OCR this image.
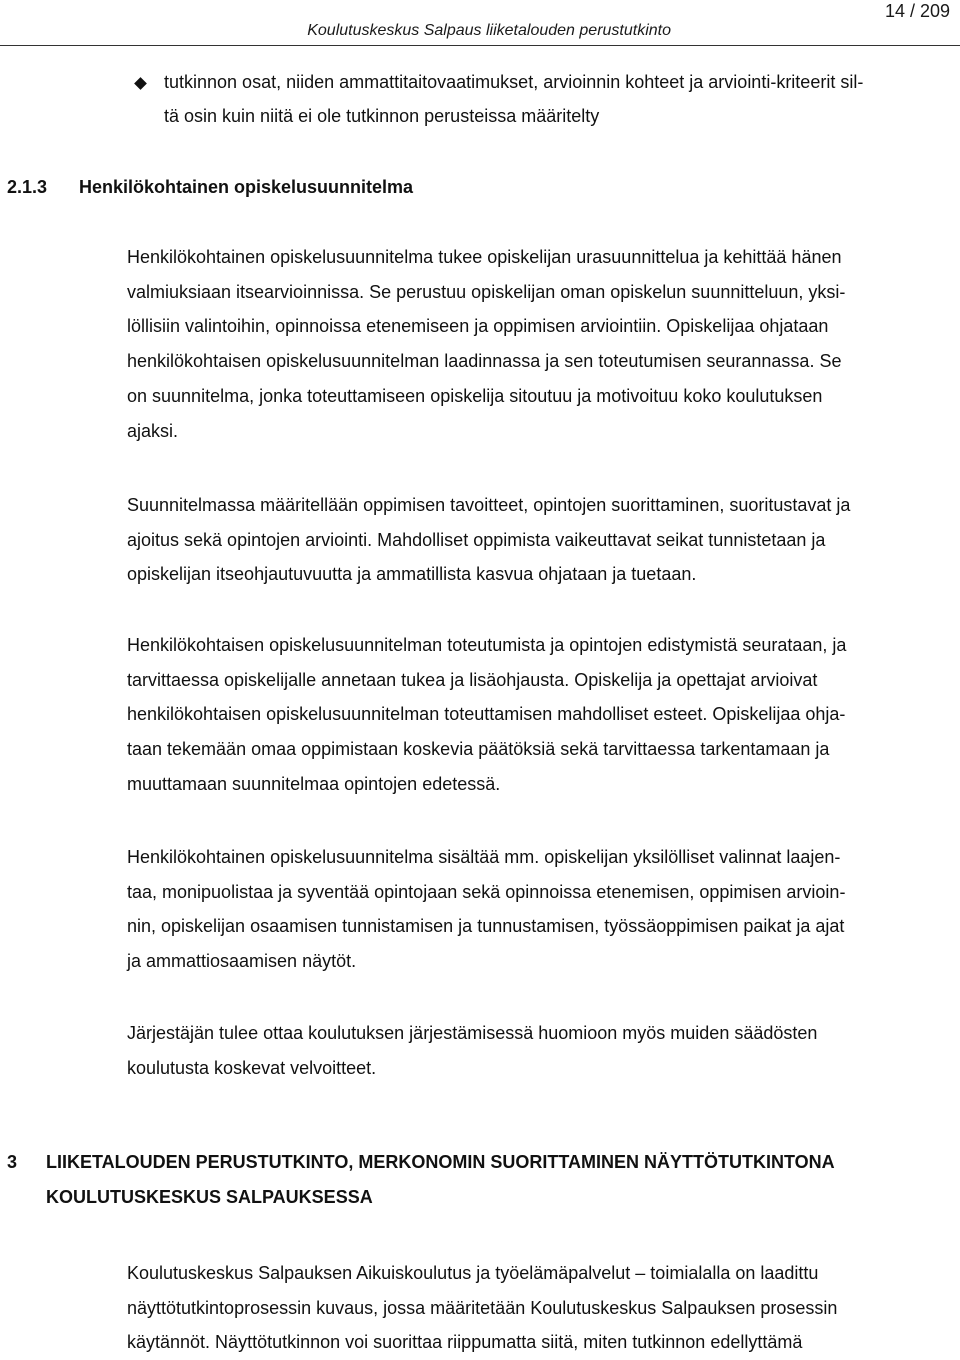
Koulutuskeskus Salpaus liiketalouden perustutkinto
14 / 209
tutkinnon osat, niiden ammattitaitovaatimukset, arvioinnin kohteet ja arviointi-kriteerit sil-
tä osin kuin niitä ei ole tutkinnon perusteissa määritelty
2.1.3 Henkilökohtainen opiskelusuunnitelma
Henkilökohtainen opiskelusuunnitelma tukee opiskelijan urasuunnittelua ja kehittää hänen
valmiuksiaan itsearvioinnissa. Se perustuu opiskelijan oman opiskelun suunnitteluun, yksi-
löllisiin valintoihin, opinnoissa etenemiseen ja oppimisen arviointiin. Opiskelijaa ohjataan
henkilökohtaisen opiskelusuunnitelman laadinnassa ja sen toteutumisen seurannassa. Se
on suunnitelma, jonka toteuttamiseen opiskelija sitoutuu ja motivoituu koko koulutuksen
ajaksi.
Suunnitelmassa määritellään oppimisen tavoitteet, opintojen suorittaminen, suoritustavat ja
ajoitus sekä opintojen arviointi. Mahdolliset oppimista vaikeuttavat seikat tunnistetaan ja
opiskelijan itseohjautuvuutta ja ammatillista kasvua ohjataan ja tuetaan.
Henkilökohtaisen opiskelusuunnitelman toteutumista ja opintojen edistymistä seurataan, ja
tarvittaessa opiskelijalle annetaan tukea ja lisäohjausta. Opiskelija ja opettajat arvioivat
henkilökohtaisen opiskelusuunnitelman toteuttamisen mahdolliset esteet. Opiskelijaa ohja-
taan tekemään omaa oppimistaan koskevia päätöksiä sekä tarvittaessa tarkentamaan ja
muuttamaan suunnitelmaa opintojen edetessä.
Henkilökohtainen opiskelusuunnitelma sisältää mm. opiskelijan yksilölliset valinnat laajen-
taa, monipuolistaa ja syventää opintojaan sekä opinnoissa etenemisen, oppimisen arvioin-
nin, opiskelijan osaamisen tunnistamisen ja tunnustamisen, työssäoppimisen paikat ja ajat
ja ammattiosaamisen näytöt.
Järjestäjän tulee ottaa koulutuksen järjestämisessä huomioon myös muiden säädösten
koulutusta koskevat velvoitteet.
3 LIIKETALOUDEN PERUSTUTKINTO, MERKONOMIN SUORITTAMINEN NÄYTTÖTUTKINTONA
KOULUTUSKESKUS SALPAUKSESSA
Koulutuskeskus Salpauksen Aikuiskoulutus ja työelämäpalvelut – toimialalla on laadittu
näyttötutkintoprosessin kuvaus, jossa määritetään Koulutuskeskus Salpauksen prosessin
käytännöt. Näyttötutkinnon voi suorittaa riippumatta siitä, miten tutkinnon edellyttämä
